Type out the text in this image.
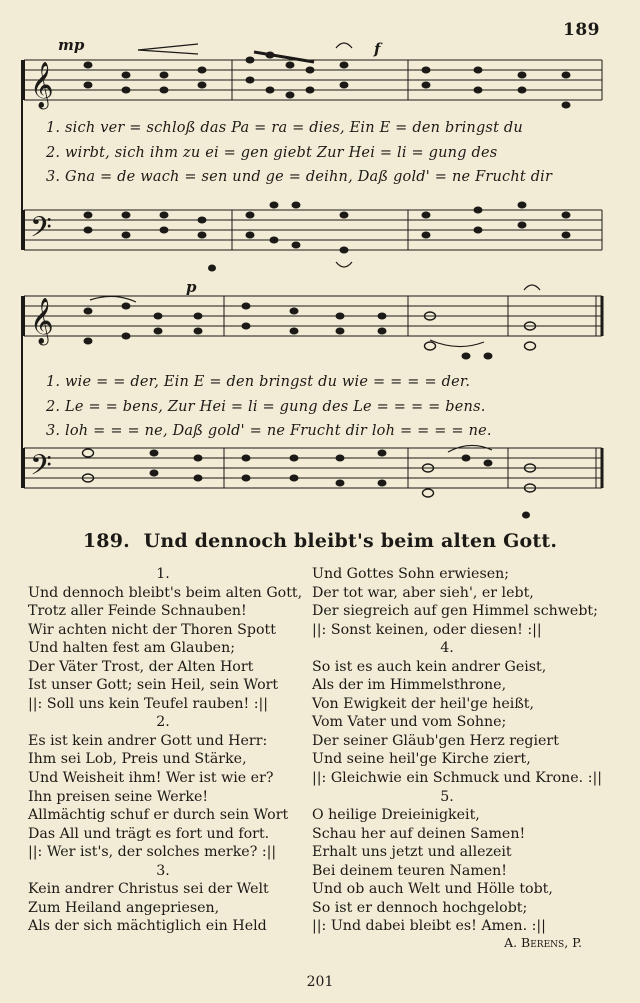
189
𝄞
𝄢
𝄞
𝄢
mp	f
p
1. sich ver = schloß das Pa = ra = dies, Ein E = den bringst du
2. wirbt, sich ihm zu ei = gen giebt Zur Hei = li = gung des
3. Gna = de wach = sen und ge = deihn, Daß gold' = ne Frucht dir
1. wie = = der, Ein E = den bringst du wie = = = = der.
2. Le = = bens, Zur Hei = li = gung des Le = = = = bens.
3. loh = = = ne, Daß gold' = ne Frucht dir loh = = = = ne.
189. Und dennoch bleibt's beim alten Gott.
1.
Und dennoch bleibt's beim alten Gott,
Trotz aller Feinde Schnauben!
Wir achten nicht der Thoren Spott
Und halten fest am Glauben;
Der Väter Trost, der Alten Hort
Ist unser Gott; sein Heil, sein Wort
||: Soll uns kein Teufel rauben! :||
2.
Es ist kein andrer Gott und Herr:
Ihm sei Lob, Preis und Stärke,
Und Weisheit ihm! Wer ist wie er?
Ihn preisen seine Werke!
Allmächtig schuf er durch sein Wort
Das All und trägt es fort und fort.
||: Wer ist's, der solches merke? :||
3.
Kein andrer Christus sei der Welt
Zum Heiland angepriesen,
Als der sich mächtiglich ein Held
Und Gottes Sohn erwiesen;
Der tot war, aber sieh', er lebt,
Der siegreich auf gen Himmel schwebt;
||: Sonst keinen, oder diesen! :||
4.
So ist es auch kein andrer Geist,
Als der im Himmelsthrone,
Von Ewigkeit der heil'ge heißt,
Vom Vater und vom Sohne;
Der seiner Gläub'gen Herz regiert
Und seine heil'ge Kirche ziert,
||: Gleichwie ein Schmuck und Krone. :||
5.
O heilige Dreieinigkeit,
Schau her auf deinen Samen!
Erhalt uns jetzt und allezeit
Bei deinem teuren Namen!
Und ob auch Welt und Hölle tobt,
So ist er dennoch hochgelobt;
||: Und dabei bleibt es! Amen. :||
A. Berens, P.
201
